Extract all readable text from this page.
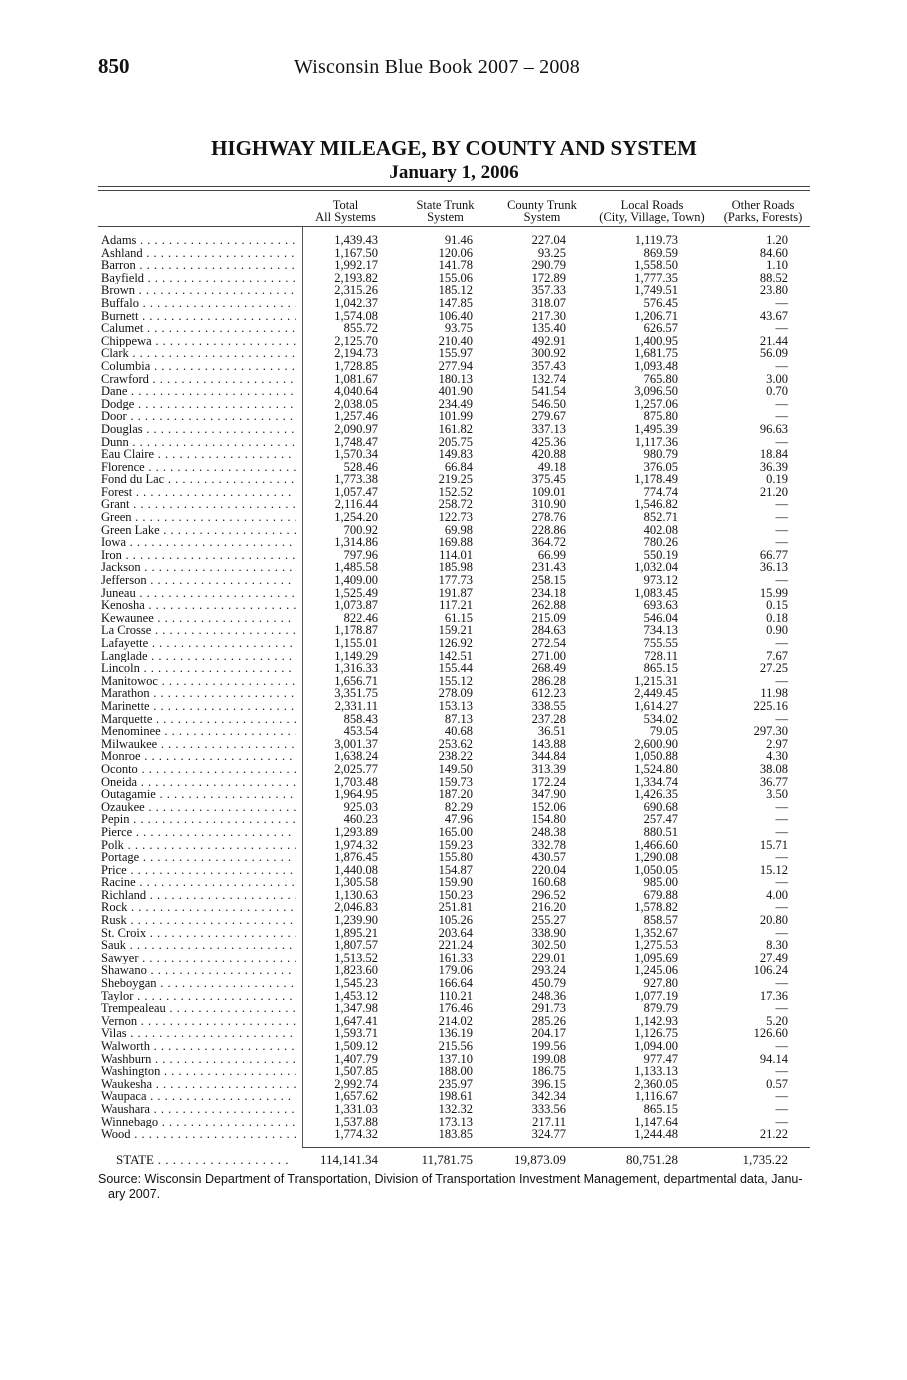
850	Wisconsin Blue Book 2007 – 2008
HIGHWAY MILEAGE, BY COUNTY AND SYSTEM
January 1, 2006
Total
All Systems
State Trunk
System
County Trunk
System
Local Roads
(City, Village, Town)
Other Roads
(Parks, Forests)
Adams . . .	1,439.43	91.46	227.04	1,119.73	1.20
Ashland . . .	1,167.50	120.06	93.25	869.59	84.60
Barron . . .	1,992.17	141.78	290.79	1,558.50	1.10
Bayfield . . .	2,193.82	155.06	172.89	1,777.35	88.52
Brown . . .	2,315.26	185.12	357.33	1,749.51	23.80
Buffalo . . .	1,042.37	147.85	318.07	576.45	––
Burnett . . .	1,574.08	106.40	217.30	1,206.71	43.67
Calumet . . .	855.72	93.75	135.40	626.57	––
Chippewa . . .	2,125.70	210.40	492.91	1,400.95	21.44
Clark . . .	2,194.73	155.97	300.92	1,681.75	56.09
Columbia . . .	1,728.85	277.94	357.43	1,093.48	––
Crawford . . .	1,081.67	180.13	132.74	765.80	3.00
Dane . . .	4,040.64	401.90	541.54	3,096.50	0.70
Dodge . . .	2,038.05	234.49	546.50	1,257.06	––
Door . . .	1,257.46	101.99	279.67	875.80	––
Douglas . . .	2,090.97	161.82	337.13	1,495.39	96.63
Dunn . . .	1,748.47	205.75	425.36	1,117.36	––
Eau Claire . . .	1,570.34	149.83	420.88	980.79	18.84
Florence . . .	528.46	66.84	49.18	376.05	36.39
Fond du Lac . . .	1,773.38	219.25	375.45	1,178.49	0.19
Forest . . .	1,057.47	152.52	109.01	774.74	21.20
Grant . . .	2,116.44	258.72	310.90	1,546.82	––
Green . . .	1,254.20	122.73	278.76	852.71	––
Green Lake . . .	700.92	69.98	228.86	402.08	––
Iowa . . .	1,314.86	169.88	364.72	780.26	––
Iron . . .	797.96	114.01	66.99	550.19	66.77
Jackson . . .	1,485.58	185.98	231.43	1,032.04	36.13
Jefferson . . .	1,409.00	177.73	258.15	973.12	––
Juneau . . .	1,525.49	191.87	234.18	1,083.45	15.99
Kenosha . . .	1,073.87	117.21	262.88	693.63	0.15
Kewaunee . . .	822.46	61.15	215.09	546.04	0.18
La Crosse . . .	1,178.87	159.21	284.63	734.13	0.90
Lafayette . . .	1,155.01	126.92	272.54	755.55	––
Langlade . . .	1,149.29	142.51	271.00	728.11	7.67
Lincoln . . .	1,316.33	155.44	268.49	865.15	27.25
Manitowoc . . .	1,656.71	155.12	286.28	1,215.31	––
Marathon . . .	3,351.75	278.09	612.23	2,449.45	11.98
Marinette . . .	2,331.11	153.13	338.55	1,614.27	225.16
Marquette . . .	858.43	87.13	237.28	534.02	––
Menominee . . .	453.54	40.68	36.51	79.05	297.30
Milwaukee . . .	3,001.37	253.62	143.88	2,600.90	2.97
Monroe . . .	1,638.24	238.22	344.84	1,050.88	4.30
Oconto . . .	2,025.77	149.50	313.39	1,524.80	38.08
Oneida . . .	1,703.48	159.73	172.24	1,334.74	36.77
Outagamie . . .	1,964.95	187.20	347.90	1,426.35	3.50
Ozaukee . . .	925.03	82.29	152.06	690.68	––
Pepin . . .	460.23	47.96	154.80	257.47	––
Pierce . . .	1,293.89	165.00	248.38	880.51	––
Polk . . .	1,974.32	159.23	332.78	1,466.60	15.71
Portage . . .	1,876.45	155.80	430.57	1,290.08	––
Price . . .	1,440.08	154.87	220.04	1,050.05	15.12
Racine . . .	1,305.58	159.90	160.68	985.00	––
Richland . . .	1,130.63	150.23	296.52	679.88	4.00
Rock . . .	2,046.83	251.81	216.20	1,578.82	––
Rusk . . .	1,239.90	105.26	255.27	858.57	20.80
St. Croix . . .	1,895.21	203.64	338.90	1,352.67	––
Sauk . . .	1,807.57	221.24	302.50	1,275.53	8.30
Sawyer . . .	1,513.52	161.33	229.01	1,095.69	27.49
Shawano . . .	1,823.60	179.06	293.24	1,245.06	106.24
Sheboygan . . .	1,545.23	166.64	450.79	927.80	––
Taylor . . .	1,453.12	110.21	248.36	1,077.19	17.36
Trempealeau . . .	1,347.98	176.46	291.73	879.79	––
Vernon . . .	1,647.41	214.02	285.26	1,142.93	5.20
Vilas . . .	1,593.71	136.19	204.17	1,126.75	126.60
Walworth . . .	1,509.12	215.56	199.56	1,094.00	––
Washburn . . .	1,407.79	137.10	199.08	977.47	94.14
Washington . . .	1,507.85	188.00	186.75	1,133.13	––
Waukesha . . .	2,992.74	235.97	396.15	2,360.05	0.57
Waupaca . . .	1,657.62	198.61	342.34	1,116.67	––
Waushara . . .	1,331.03	132.32	333.56	865.15	––
Winnebago . . .	1,537.88	173.13	217.11	1,147.64	––
Wood . . .	1,774.32	183.85	324.77	1,244.48	21.22
STATE . . .	114,141.34	11,781.75	19,873.09	80,751.28	1,735.22
Source: Wisconsin Department of Transportation, Division of Transportation Investment Management, departmental data, Janu-
ary 2007.
